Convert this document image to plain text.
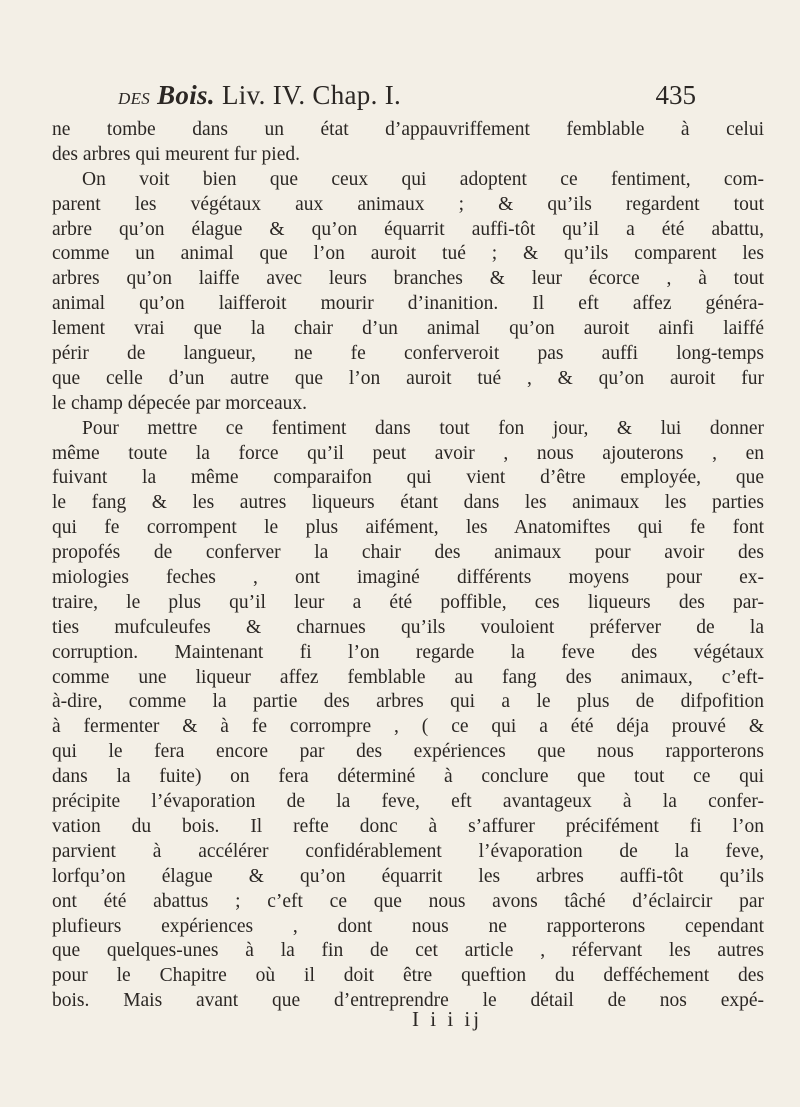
des Bois. Liv. IV. Chap. I.	435
ne tombe dans un état d’appauvriffement femblable à celui
des arbres qui meurent fur pied.
On voit bien que ceux qui adoptent ce fentiment, com-
parent les végétaux aux animaux ; & qu’ils regardent tout
arbre qu’on élague & qu’on équarrit auffi-tôt qu’il a été abattu,
comme un animal que l’on auroit tué ; & qu’ils comparent les
arbres qu’on laiffe avec leurs branches & leur écorce , à tout
animal qu’on laifferoit mourir d’inanition. Il eft affez généra-
lement vrai que la chair d’un animal qu’on auroit ainfi laiffé
périr de langueur, ne fe conferveroit pas auffi long-temps
que celle d’un autre que l’on auroit tué , & qu’on auroit fur
le champ dépecée par morceaux.
Pour mettre ce fentiment dans tout fon jour, & lui donner
même toute la force qu’il peut avoir , nous ajouterons , en
fuivant la même comparaifon qui vient d’être employée, que
le fang & les autres liqueurs étant dans les animaux les parties
qui fe corrompent le plus aifément, les Anatomiftes qui fe font
propofés de conferver la chair des animaux pour avoir des
miologies feches , ont imaginé différents moyens pour ex-
traire, le plus qu’il leur a été poffible, ces liqueurs des par-
ties mufculeufes & charnues qu’ils vouloient préferver de la
corruption. Maintenant fi l’on regarde la feve des végétaux
comme une liqueur affez femblable au fang des animaux, c’eft-
à-dire, comme la partie des arbres qui a le plus de difpofition
à fermenter & à fe corrompre , ( ce qui a été déja prouvé &
qui le fera encore par des expériences que nous rapporterons
dans la fuite) on fera déterminé à conclure que tout ce qui
précipite l’évaporation de la feve, eft avantageux à la confer-
vation du bois. Il refte donc à s’affurer précifément fi l’on
parvient à accélérer confidérablement l’évaporation de la feve,
lorfqu’on élague & qu’on équarrit les arbres auffi-tôt qu’ils
ont été abattus ; c’eft ce que nous avons tâché d’éclaircir par
plufieurs expériences , dont nous ne rapporterons cependant
que quelques-unes à la fin de cet article , réfervant les autres
pour le Chapitre où il doit être queftion du defféchement des
bois. Mais avant que d’entreprendre le détail de nos expé-
I i i ij
